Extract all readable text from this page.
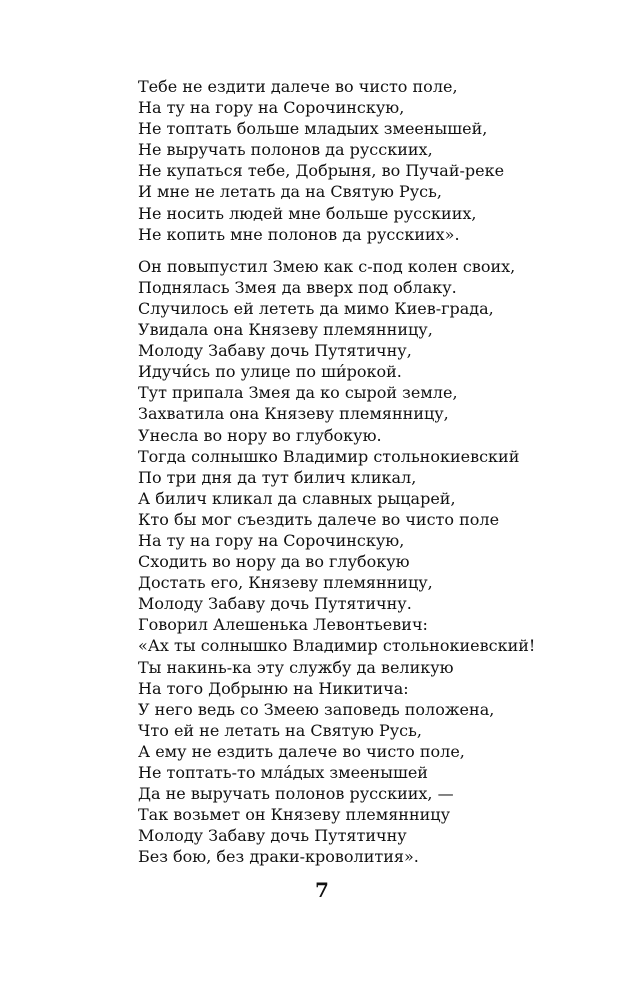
Тебе не ездити далече во чисто поле,
На ту на гору на Сорочинскую,
Не топтать больше младыих змеенышей,
Не выручать полонов да русскиих,
Не купаться тебе, Добрыня, во Пучай-реке
И мне не летать да на Святую Русь,
Не носить людей мне больше русскиих,
Не копить мне полонов да русскиих».
Он повыпустил Змею как с-под колен своих,
Поднялась Змея да вверх под облаку.
Случилось ей лететь да мимо Киев-града,
Увидала она Князеву племянницу,
Молоду Забаву дочь Путятичну,
Идучи́сь по улице по ши́рокой.
Тут припала Змея да ко сырой земле,
Захватила она Князеву племянницу,
Унесла во нору во глубокую.
Тогда солнышко Владимир стольнокиевский
По три дня да тут билич кликал,
А билич кликал да славных рыцарей,
Кто бы мог съездить далече во чисто поле
На ту на гору на Сорочинскую,
Сходить во нору да во глубокую
Достать его, Князеву племянницу,
Молоду Забаву дочь Путятичну.
Говорил Алешенька Левонтьевич:
«Ах ты солнышко Владимир стольнокиевский!
Ты накинь-ка эту службу да великую
На того Добрыню на Никитича:
У него ведь со Змеею заповедь положена,
Что ей не летать на Святую Русь,
А ему не ездить далече во чисто поле,
Не топтать-то мла́дых змеенышей
Да не выручать полонов русскиих, —
Так возьмет он Князеву племянницу
Молоду Забаву дочь Путятичну
Без бою, без драки-кроволития».
7
